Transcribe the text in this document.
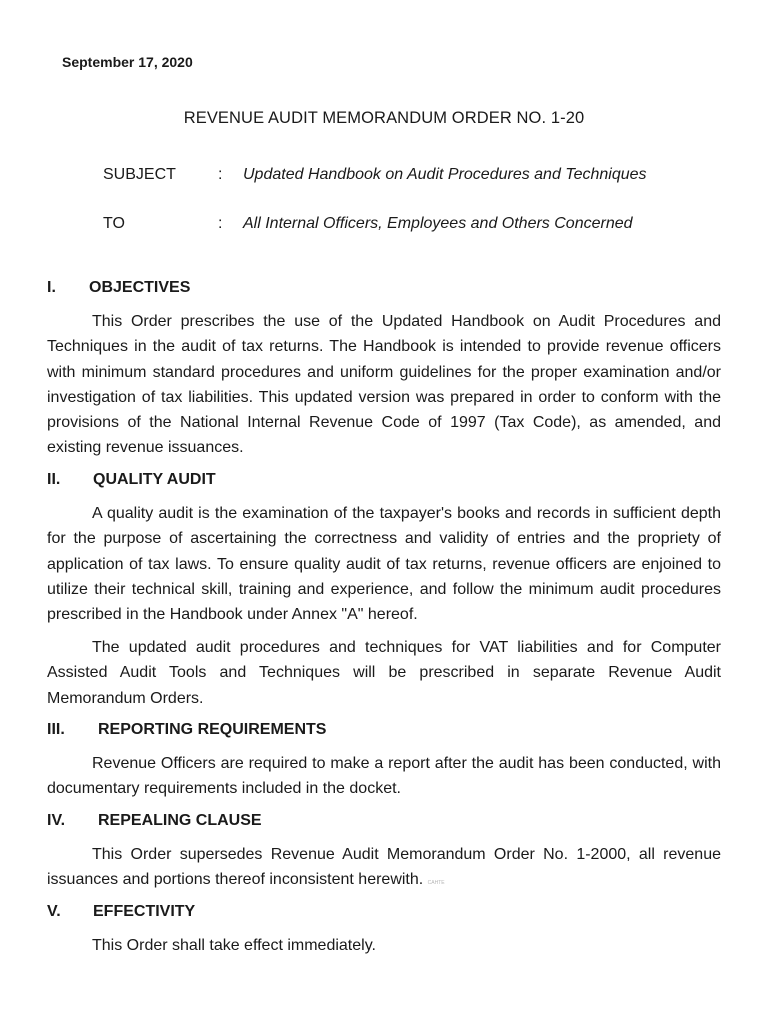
September 17, 2020
REVENUE AUDIT MEMORANDUM ORDER NO. 1-20
SUBJECT	: Updated Handbook on Audit Procedures and Techniques
TO	: All Internal Officers, Employees and Others Concerned
I. OBJECTIVES

This Order prescribes the use of the Updated Handbook on Audit Procedures and Techniques in the audit of tax returns. The Handbook is intended to provide revenue officers with minimum standard procedures and uniform guidelines for the proper examination and/or investigation of tax liabilities. This updated version was prepared in order to conform with the provisions of the National Internal Revenue Code of 1997 (Tax Code), as amended, and existing revenue issuances.

II. QUALITY AUDIT

A quality audit is the examination of the taxpayer's books and records in sufficient depth for the purpose of ascertaining the correctness and validity of entries and the propriety of application of tax laws. To ensure quality audit of tax returns, revenue officers are enjoined to utilize their technical skill, training and experience, and follow the minimum audit procedures prescribed in the Handbook under Annex "A" hereof.

The updated audit procedures and techniques for VAT liabilities and for Computer Assisted Audit Tools and Techniques will be prescribed in separate Revenue Audit Memorandum Orders.

III. REPORTING REQUIREMENTS

Revenue Officers are required to make a report after the audit has been conducted, with documentary requirements included in the docket.

IV. REPEALING CLAUSE

This Order supersedes Revenue Audit Memorandum Order No. 1-2000, all revenue issuances and portions thereof inconsistent herewith. CAHTE

V. EFFECTIVITY

This Order shall take effect immediately.
